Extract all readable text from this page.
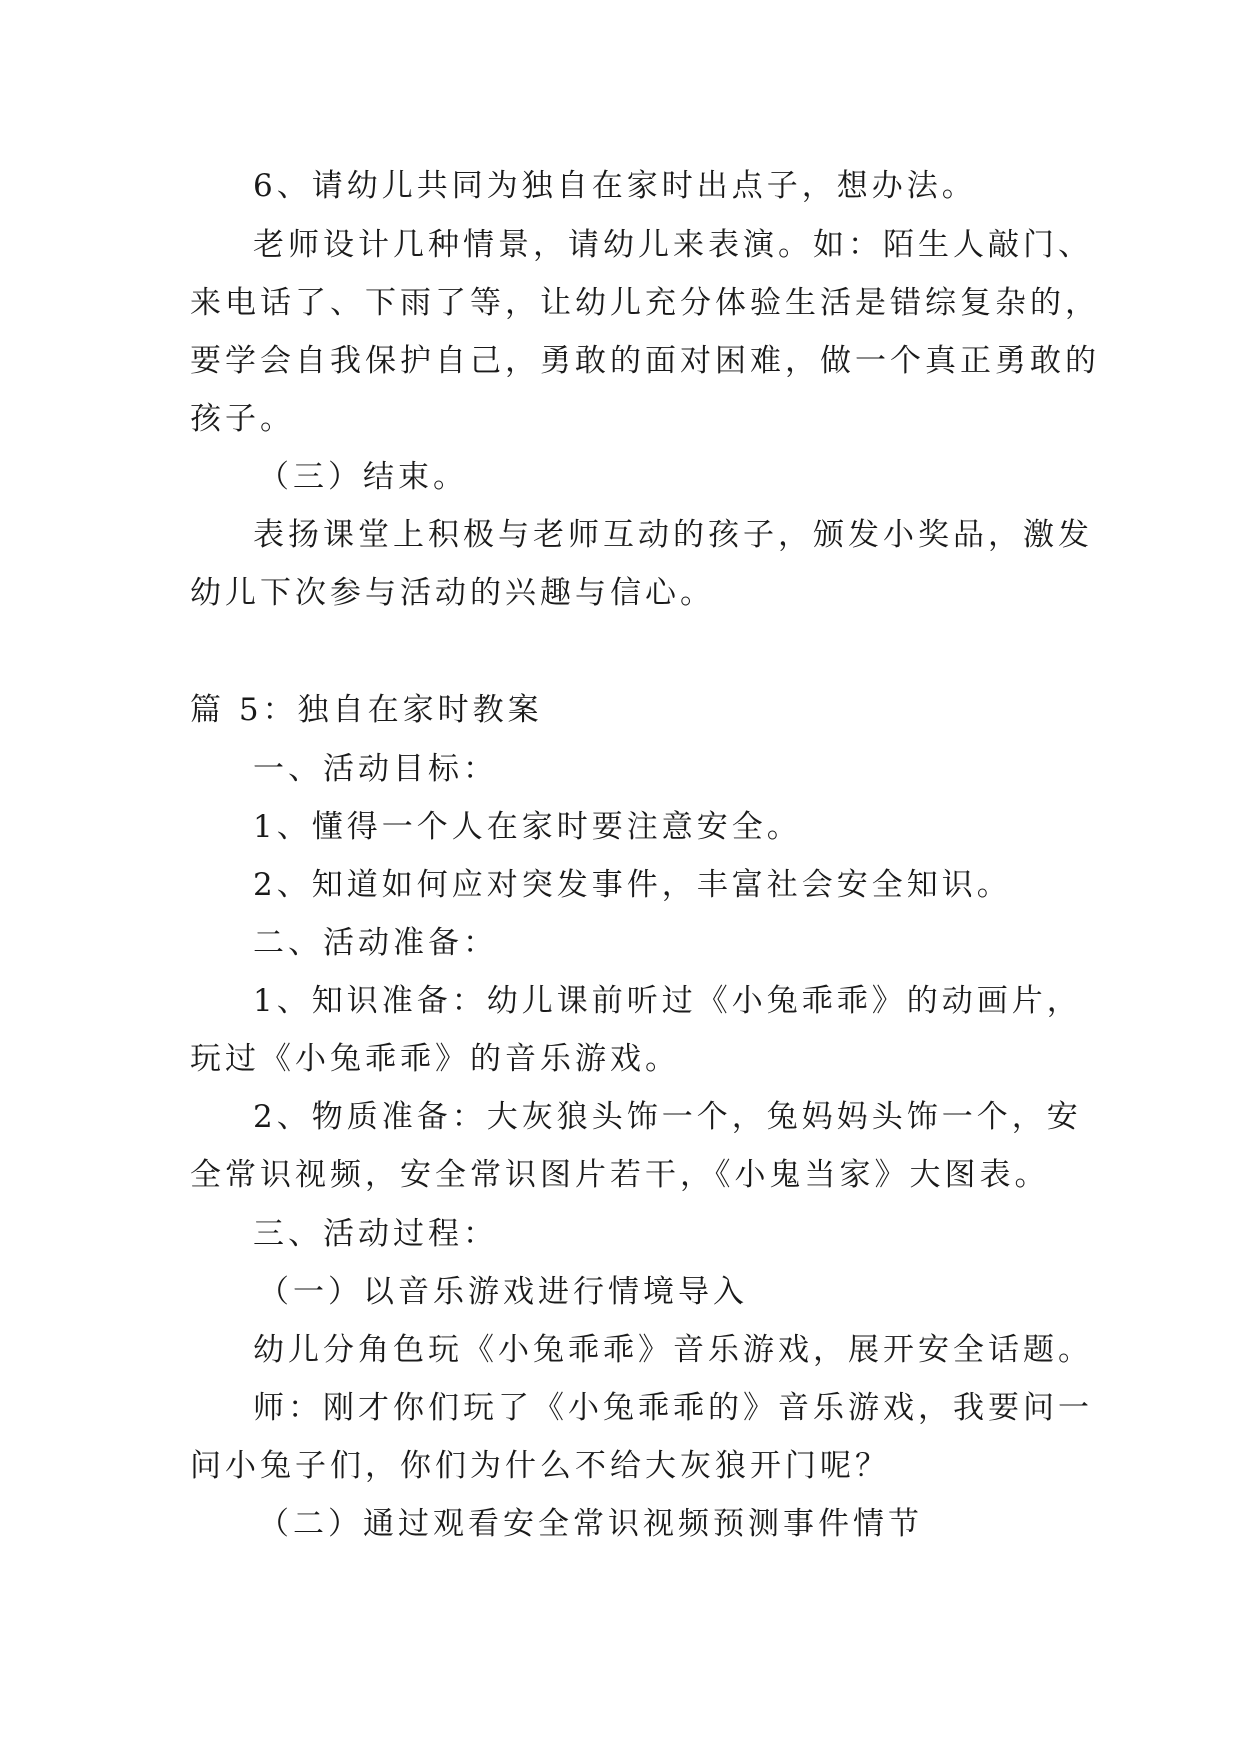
6、请幼儿共同为独自在家时出点子，想办法。
老师设计几种情景，请幼儿来表演。如：陌生人敲门、
来电话了、下雨了等，让幼儿充分体验生活是错综复杂的，
要学会自我保护自己，勇敢的面对困难，做一个真正勇敢的
孩子。
（三）结束。
表扬课堂上积极与老师互动的孩子，颁发小奖品，激发
幼儿下次参与活动的兴趣与信心。
篇 5：独自在家时教案
一、活动目标：
1、懂得一个人在家时要注意安全。
2、知道如何应对突发事件，丰富社会安全知识。
二、活动准备：
1、知识准备：幼儿课前听过《小兔乖乖》的动画片，
玩过《小兔乖乖》的音乐游戏。
2、物质准备：大灰狼头饰一个，兔妈妈头饰一个，安
全常识视频，安全常识图片若干，《小鬼当家》大图表。
三、活动过程：
（一）以音乐游戏进行情境导入
幼儿分角色玩《小兔乖乖》音乐游戏，展开安全话题。
师：刚才你们玩了《小兔乖乖的》音乐游戏，我要问一
问小兔子们，你们为什么不给大灰狼开门呢？
（二）通过观看安全常识视频预测事件情节
